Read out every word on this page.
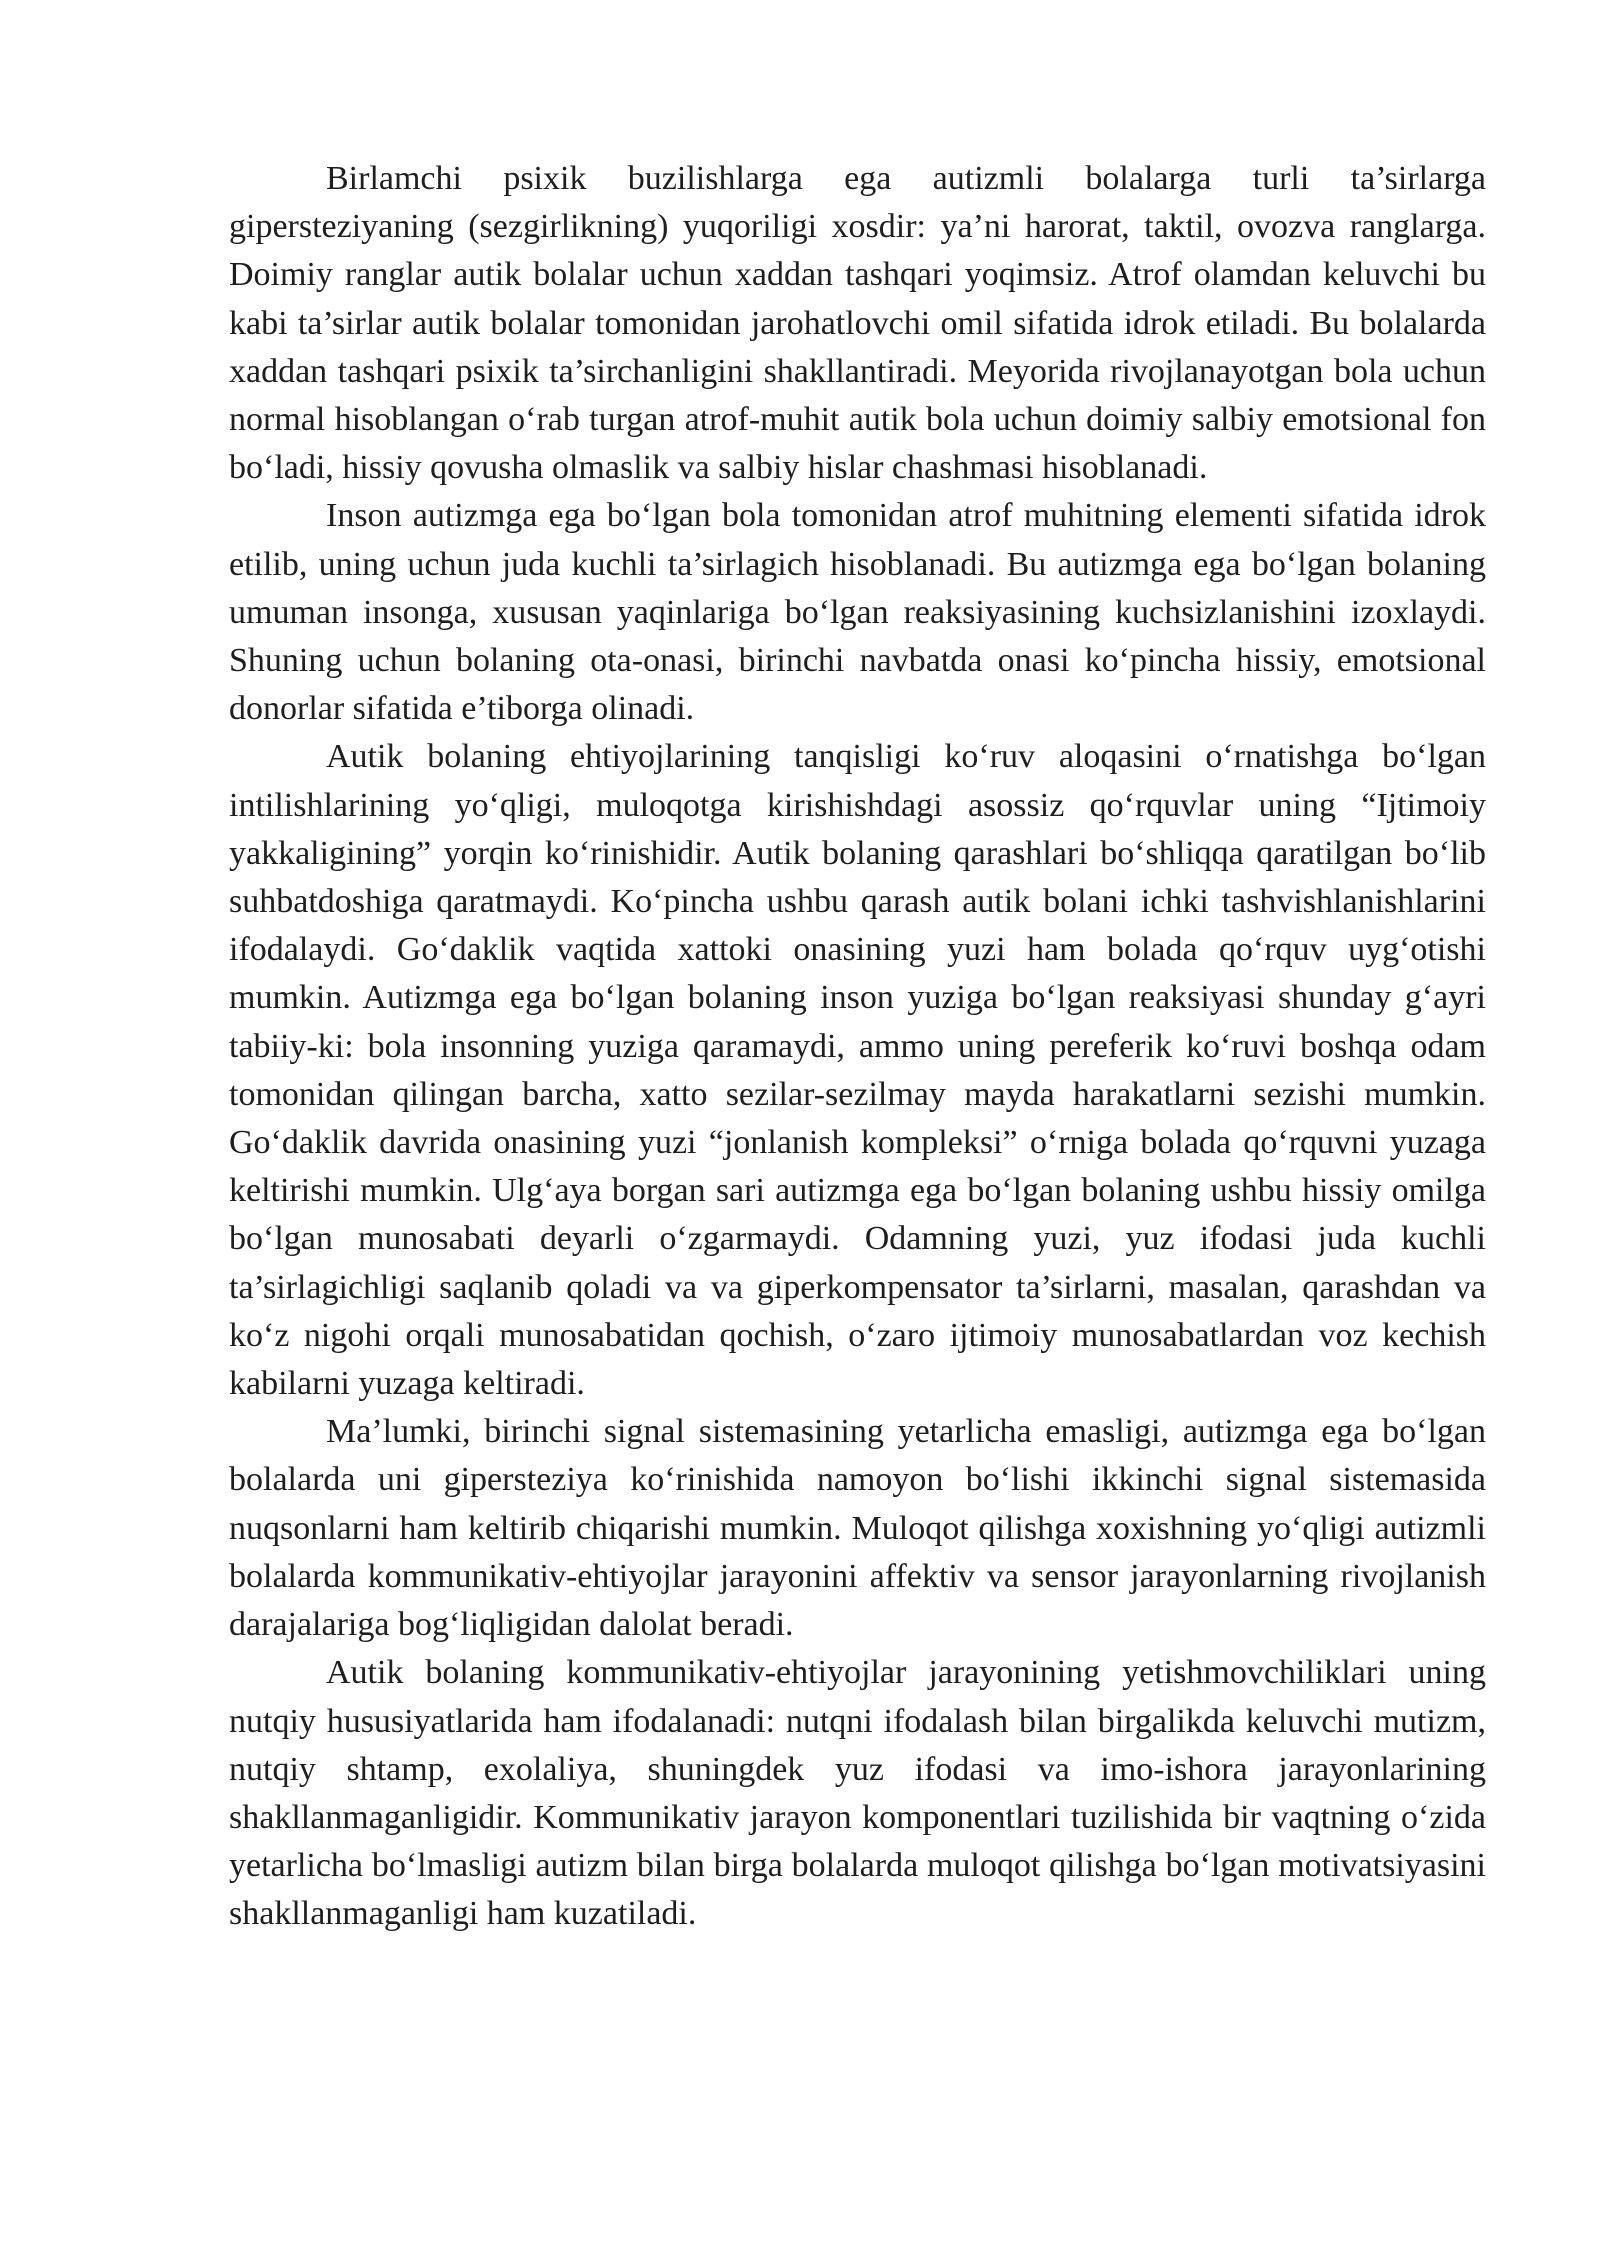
Birlamchi psixik buzilishlarga ega autizmli bolalarga turli ta’sirlarga giperstеziyaning (sezgirlikning) yuqoriligi xosdir: ya’ni harorat, taktil, ovozva ranglarga. Doimiy ranglar autik bolalar uchun xaddan tashqari yoqimsiz. Atrof olamdan keluvchi bu kabi ta’sirlar autik bolalar tomonidan jarohatlovchi omil sifatida idrok etiladi. Bu bolalarda xaddan tashqari psixik ta’sirchanligini shakllantiradi. Meyorida rivojlanayotgan bola uchun normal hisoblangan o‘rab turgan atrof-muhit autik bola uchun doimiy salbiy emotsional fon bo‘ladi, hissiy qovusha olmaslik va salbiy hislar chashmasi hisoblanadi.

Inson autizmga ega bo‘lgan bola tomonidan atrof muhitning elementi sifatida idrok etilib, uning uchun juda kuchli ta’sirlagich hisoblanadi. Bu autizmga ega bo‘lgan bolaning umuman insonga, xususan yaqinlariga bo‘lgan reaksiyasining kuchsizlanishini izoxlaydi. Shuning uchun bolaning ota-onasi, birinchi navbatda onasi ko‘pincha hissiy, emotsional donorlar sifatida e’tiborga olinadi.

Autik bolaning ehtiyojlarining tanqisligi ko‘ruv aloqasini o‘rnatishga bo‘lgan intilishlarining yo‘qligi, muloqotga kirishishdagi asossiz qo‘rquvlar uning “Ijtimoiy yakkaligining” yorqin ko‘rinishidir. Autik bolaning qarashlari bo‘shliqqa qaratilgan bo‘lib suhbatdoshiga qaratmaydi. Ko‘pincha ushbu qarash autik bolani ichki tashvishlanishlarini ifodalaydi. Go‘daklik vaqtida xattoki onasining yuzi ham bolada qo‘rquv uyg‘otishi mumkin. Autizmga ega bo‘lgan bolaning inson yuziga bo‘lgan reaksiyasi shunday g‘ayri tabiiy-ki: bola insonning yuziga qaramaydi, ammo uning pereferik ko‘ruvi boshqa odam tomonidan qilingan barcha, xatto sezilar-sezilmay mayda harakatlarni sezishi mumkin. Go‘daklik davrida onasining yuzi “jonlanish kompleksi” o‘rniga bolada qo‘rquvni yuzaga keltirishi mumkin. Ulg‘aya borgan sari autizmga ega bo‘lgan bolaning ushbu hissiy omilga bo‘lgan munosabati deyarli o‘zgarmaydi. Odamning yuzi, yuz ifodasi juda kuchli ta’sirlagichligi saqlanib qoladi va va giperkompensator ta’sirlarni, masalan, qarashdan va ko‘z nigohi orqali munosabatidan qochish, o‘zaro ijtimoiy munosabatlardan voz kechish kabilarni yuzaga keltiradi.

Ma’lumki, birinchi signal sistemasining yetarlicha emasligi, autizmga ega bo‘lgan bolalarda uni giperstеziya ko‘rinishida namoyon bo‘lishi ikkinchi signal sistemasida nuqsonlarni ham keltirib chiqarishi mumkin. Muloqot qilishga xoxishning yo‘qligi autizmli bolalarda kommunikativ-ehtiyojlar jarayonini affektiv va sensor jarayonlarning rivojlanish darajalariga bog‘liqligidan dalolat beradi.

Autik bolaning kommunikativ-ehtiyojlar jarayonining yetishmovchiliklari uning nutqiy hususiyatlarida ham ifodalanadi: nutqni ifodalash bilan birgalikda keluvchi mutizm, nutqiy shtamp, exolaliya, shuningdek yuz ifodasi va imo-ishora jarayonlarining shakllanmaganligidir. Kommunikativ jarayon komponentlari tuzilishida bir vaqtning o‘zida yetarlicha bo‘lmasligi autizm bilan birga bolalarda muloqot qilishga bo‘lgan motivatsiyasini shakllanmaganligi ham kuzatiladi.
